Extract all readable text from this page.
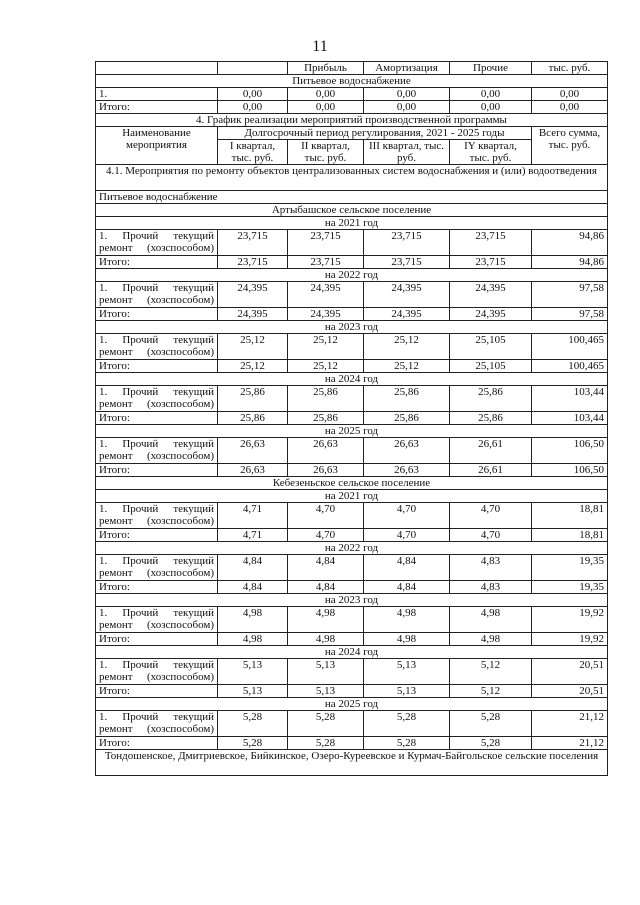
11
		Прибыль	Амортизация	Прочие	тыс. руб.
Питьевое водоснабжение					
1.	0,00	0,00	0,00	0,00	0,00
Итого:	0,00	0,00	0,00	0,00	0,00
4. График реализации мероприятий производственной программы					
Наименование мероприятия	Долгосрочный период регулирования, 2021 - 2025 годы				Всего сумма, тыс. руб.
	I квартал, тыс. руб.	II квартал, тыс. руб.	III квартал, тыс. руб.	IY квартал, тыс. руб.	
4.1. Мероприятия по ремонту объектов централизованных систем водоснабжения и (или) водоотведения					
Питьевое водоснабжение					
Артыбашское сельское поселение					
на 2021 год					
1. Прочий текущий ремонт (хозспособом)	23,715	23,715	23,715	23,715	94,86
Итого:	23,715	23,715	23,715	23,715	94,86
на 2022 год					
1. Прочий текущий ремонт (хозспособом)	24,395	24,395	24,395	24,395	97,58
Итого:	24,395	24,395	24,395	24,395	97,58
на 2023 год					
1. Прочий текущий ремонт (хозспособом)	25,12	25,12	25,12	25,105	100,465
Итого:	25,12	25,12	25,12	25,105	100,465
на 2024 год					
1. Прочий текущий ремонт (хозспособом)	25,86	25,86	25,86	25,86	103,44
Итого:	25,86	25,86	25,86	25,86	103,44
на 2025 год					
1. Прочий текущий ремонт (хозспособом)	26,63	26,63	26,63	26,61	106,50
Итого:	26,63	26,63	26,63	26,61	106,50
Кебезеньское сельское поселение					
на 2021 год					
1. Прочий текущий ремонт (хозспособом)	4,71	4,70	4,70	4,70	18,81
Итого:	4,71	4,70	4,70	4,70	18,81
на 2022 год					
1. Прочий текущий ремонт (хозспособом)	4,84	4,84	4,84	4,83	19,35
Итого:	4,84	4,84	4,84	4,83	19,35
на 2023 год					
1. Прочий текущий ремонт (хозспособом)	4,98	4,98	4,98	4,98	19,92
Итого:	4,98	4,98	4,98	4,98	19,92
на 2024 год					
1. Прочий текущий ремонт (хозспособом)	5,13	5,13	5,13	5,12	20,51
Итого:	5,13	5,13	5,13	5,12	20,51
на 2025 год					
1. Прочий текущий ремонт (хозспособом)	5,28	5,28	5,28	5,28	21,12
Итого:	5,28	5,28	5,28	5,28	21,12
Тондошенское, Дмитриевское, Бийкинское, Озеро-Куреевское и Курмач-Байгольское сельские поселения					
